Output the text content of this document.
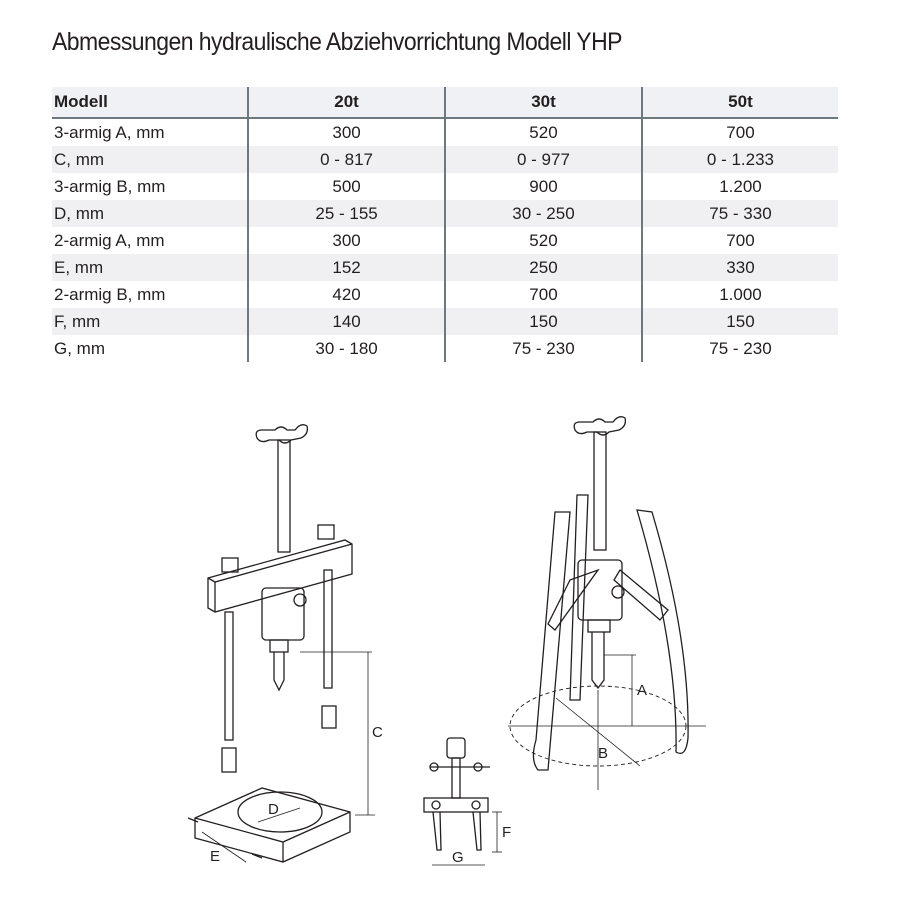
Abmessungen hydraulische Abziehvorrichtung Modell YHP
Modell	20t	30t	50t
3-armig A, mm	300	520	700
C, mm	0 - 817	0 - 977	0 - 1.233
3-armig B, mm	500	900	1.200
D, mm	25 - 155	30 - 250	75 - 330
2-armig A, mm	300	520	700
E, mm	152	250	330
2-armig B, mm	420	700	1.000
F, mm	140	150	150
G, mm	30 - 180	75 - 230	75 - 230
C
D
E
F
G
A
B
